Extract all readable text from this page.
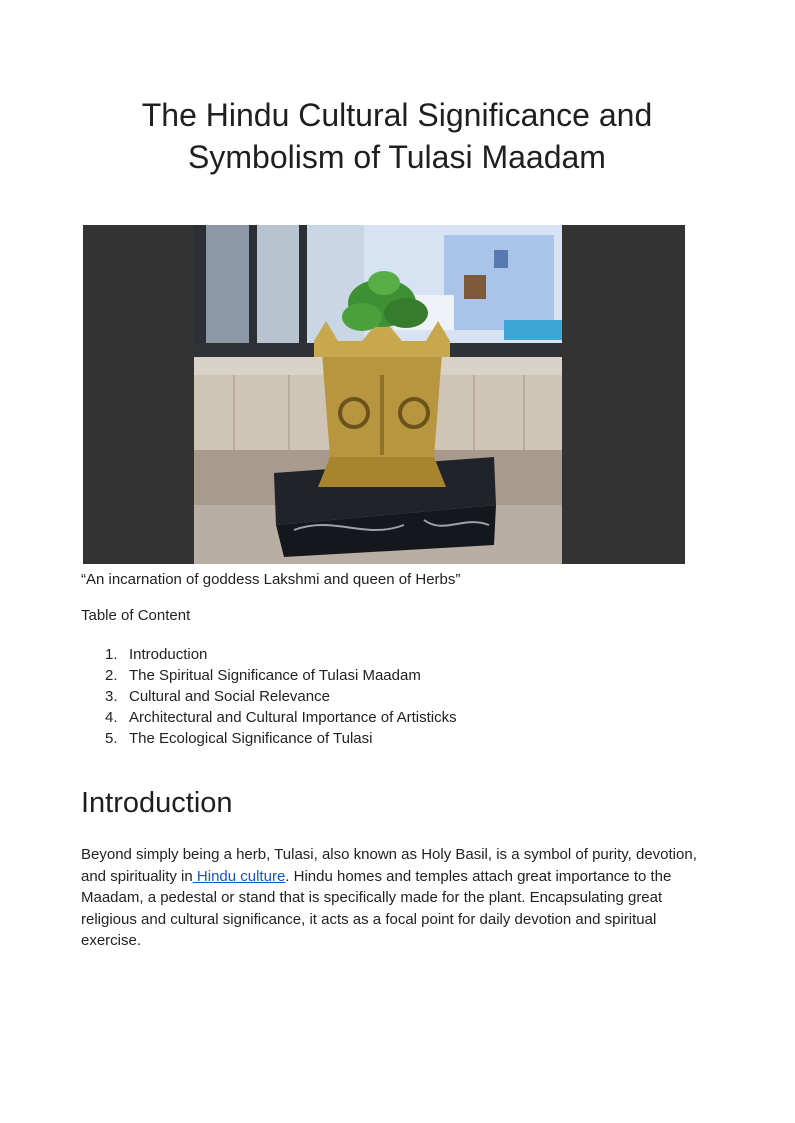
The Hindu Cultural Significance and
Symbolism of Tulasi Maadam

“An incarnation of goddess Lakshmi and queen of Herbs”

Table of Content

1. Introduction
2. The Spiritual Significance of Tulasi Maadam
3. Cultural and Social Relevance
4. Architectural and Cultural Importance of Artisticks
5. The Ecological Significance of Tulasi
Introduction

Beyond simply being a herb, Tulasi, also known as Holy Basil, is a symbol of purity, devotion, and spirituality in Hindu culture. Hindu homes and temples attach great importance to the Maadam, a pedestal or stand that is specifically made for the plant. Encapsulating great religious and cultural significance, it acts as a focal point for daily devotion and spiritual exercise.
